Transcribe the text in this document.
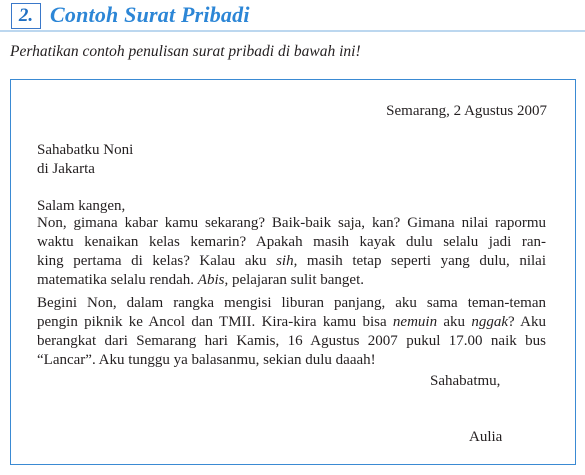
2. Contoh Surat Pribadi
Perhatikan contoh penulisan surat pribadi di bawah ini!
Semarang, 2 Agustus 2007
Sahabatku Noni
di Jakarta
Salam kangen,
Non, gimana kabar kamu sekarang? Baik-baik saja, kan? Gimana nilai rapormu
waktu kenaikan kelas kemarin? Apakah masih kayak dulu selalu jadi ran-
king pertama di kelas? Kalau aku sih, masih tetap seperti yang dulu, nilai
matematika selalu rendah. Abis, pelajaran sulit banget.
Begini Non, dalam rangka mengisi liburan panjang, aku sama teman-teman
pengin piknik ke Ancol dan TMII. Kira-kira kamu bisa nemuin aku nggak? Aku
berangkat dari Semarang hari Kamis, 16 Agustus 2007 pukul 17.00 naik bus
“Lancar”. Aku tunggu ya balasanmu, sekian dulu daaah!
Sahabatmu,
Aulia
